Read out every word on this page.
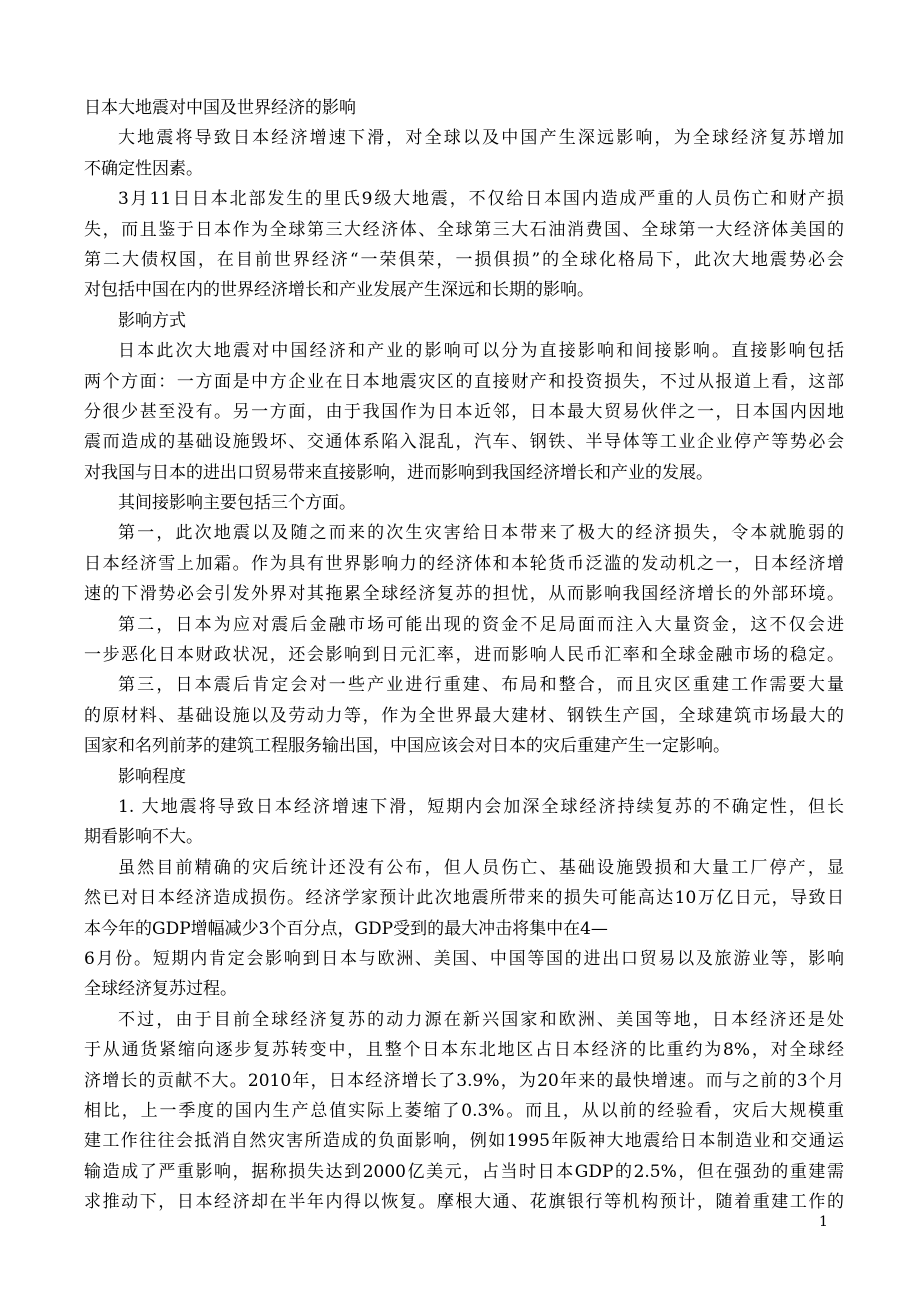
日本大地震对中国及世界经济的影响
大地震将导致日本经济增速下滑，对全球以及中国产生深远影响，为全球经济复苏增加
不确定性因素。
3月11日日本北部发生的里氏9级大地震，不仅给日本国内造成严重的人员伤亡和财产损
失，而且鉴于日本作为全球第三大经济体、全球第三大石油消费国、全球第一大经济体美国的
第二大债权国，在目前世界经济“一荣俱荣，一损俱损”的全球化格局下，此次大地震势必会
对包括中国在内的世界经济增长和产业发展产生深远和长期的影响。
影响方式
日本此次大地震对中国经济和产业的影响可以分为直接影响和间接影响。直接影响包括
两个方面：一方面是中方企业在日本地震灾区的直接财产和投资损失，不过从报道上看，这部
分很少甚至没有。另一方面，由于我国作为日本近邻，日本最大贸易伙伴之一，日本国内因地
震而造成的基础设施毁坏、交通体系陷入混乱，汽车、钢铁、半导体等工业企业停产等势必会
对我国与日本的进出口贸易带来直接影响，进而影响到我国经济增长和产业的发展。
其间接影响主要包括三个方面。
第一，此次地震以及随之而来的次生灾害给日本带来了极大的经济损失，令本就脆弱的
日本经济雪上加霜。作为具有世界影响力的经济体和本轮货币泛滥的发动机之一，日本经济增
速的下滑势必会引发外界对其拖累全球经济复苏的担忧，从而影响我国经济增长的外部环境。
第二，日本为应对震后金融市场可能出现的资金不足局面而注入大量资金，这不仅会进
一步恶化日本财政状况，还会影响到日元汇率，进而影响人民币汇率和全球金融市场的稳定。
第三，日本震后肯定会对一些产业进行重建、布局和整合，而且灾区重建工作需要大量
的原材料、基础设施以及劳动力等，作为全世界最大建材、钢铁生产国，全球建筑市场最大的
国家和名列前茅的建筑工程服务输出国，中国应该会对日本的灾后重建产生一定影响。
影响程度
1. 大地震将导致日本经济增速下滑，短期内会加深全球经济持续复苏的不确定性，但长
期看影响不大。
虽然目前精确的灾后统计还没有公布，但人员伤亡、基础设施毁损和大量工厂停产，显
然已对日本经济造成损伤。经济学家预计此次地震所带来的损失可能高达10万亿日元，导致日
本今年的GDP增幅减少3个百分点，GDP受到的最大冲击将集中在4—
6月份。短期内肯定会影响到日本与欧洲、美国、中国等国的进出口贸易以及旅游业等，影响
全球经济复苏过程。
不过，由于目前全球经济复苏的动力源在新兴国家和欧洲、美国等地，日本经济还是处
于从通货紧缩向逐步复苏转变中，且整个日本东北地区占日本经济的比重约为8%，对全球经
济增长的贡献不大。2010年，日本经济增长了3.9%，为20年来的最快增速。而与之前的3个月
相比，上一季度的国内生产总值实际上萎缩了0.3%。而且，从以前的经验看，灾后大规模重
建工作往往会抵消自然灾害所造成的负面影响，例如1995年阪神大地震给日本制造业和交通运
输造成了严重影响，据称损失达到2000亿美元，占当时日本GDP的2.5%，但在强劲的重建需
求推动下，日本经济却在半年内得以恢复。摩根大通、花旗银行等机构预计，随着重建工作的
1
